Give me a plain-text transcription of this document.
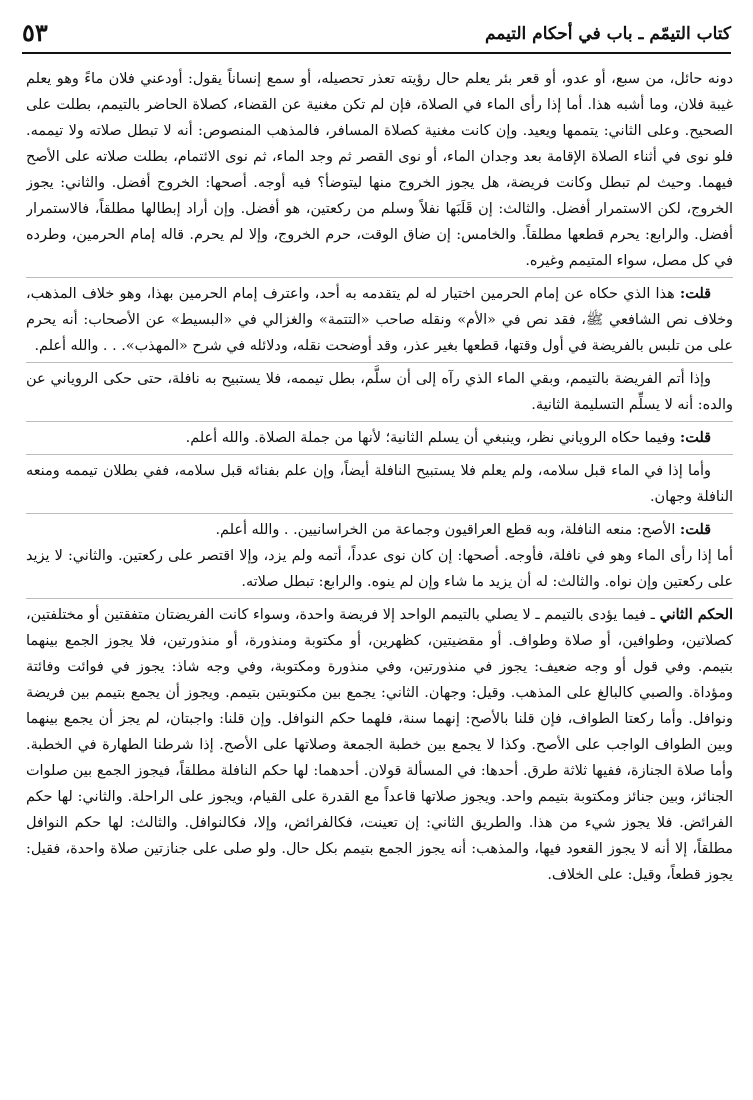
٥٣	كتاب التيمّم ـ باب في أحكام التيمم

دونه حائل، من سبع، أو عدو، أو قعر بئر يعلم حال رؤيته تعذر تحصيله، أو سمع إنساناً يقول: أودعني فلان ماءً وهو يعلم غيبة فلان، وما أشبه هذا. أما إذا رأى الماء في الصلاة، فإن لم تكن مغنية عن القضاء، كصلاة الحاضر بالتيمم، بطلت على الصحيح. وعلى الثاني: يتممها ويعيد. وإن كانت مغنية كصلاة المسافر، فالمذهب المنصوص: أنه لا تبطل صلاته ولا تيممه. فلو نوى في أثناء الصلاة الإقامة بعد وجدان الماء، أو نوى القصر ثم وجد الماء، ثم نوى الائتمام، بطلت صلاته على الأصح فيهما. وحيث لم تبطل وكانت فريضة، هل يجوز الخروج منها ليتوضأ؟ فيه أوجه. أصحها: الخروج أفضل. والثاني: يجوز الخروج، لكن الاستمرار أفضل. والثالث: إن قَلَبَها نفلاً وسلم من ركعتين، هو أفضل. وإن أراد إبطالها مطلقاً، فالاستمرار أفضل. والرابع: يحرم قطعها مطلقاً. والخامس: إن ضاق الوقت، حرم الخروج، وإلا لم يحرم. قاله إمام الحرمين، وطرده في كل مصل، سواء المتيمم وغيره.

قلت: هذا الذي حكاه عن إمام الحرمين اختيار له لم يتقدمه به أحد، واعترف إمام الحرمين بهذا، وهو خلاف المذهب، وخلاف نص الشافعي ﷺ، فقد نص في «الأم» ونقله صاحب «التتمة» والغزالي في «البسيط» عن الأصحاب: أنه يحرم على من تلبس بالفريضة في أول وقتها، قطعها بغير عذر، وقد أوضحت نقله، ودلائله في شرح «المهذب». . . والله أعلم.

وإذا أتم الفريضة بالتيمم، وبقي الماء الذي رآه إلى أن سلَّم، بطل تيممه، فلا يستبيح به نافلة، حتى حكى الروياني عن والده: أنه لا يسلِّم التسليمة الثانية.

قلت: وفيما حكاه الروياني نظر، وينبغي أن يسلم الثانية؛ لأنها من جملة الصلاة. والله أعلم.

وأما إذا في الماء قبل سلامه، ولم يعلم فلا يستبيح النافلة أيضاً، وإن علم بفنائه قبل سلامه، ففي بطلان تيممه ومنعه النافلة وجهان.

قلت: الأصح: منعه النافلة، وبه قطع العراقيون وجماعة من الخراسانيين. . والله أعلم.

أما إذا رأى الماء وهو في نافلة، فأوجه. أصحها: إن كان نوى عدداً، أتمه ولم يزد، وإلا اقتصر على ركعتين. والثاني: لا يزيد على ركعتين وإن نواه. والثالث: له أن يزيد ما شاء وإن لم ينوه. والرابع: تبطل صلاته.

الحكم الثاني ـ فيما يؤدى بالتيمم ـ لا يصلي بالتيمم الواحد إلا فريضة واحدة، وسواء كانت الفريضتان متفقتين أو مختلفتين، كصلاتين، وطوافين، أو صلاة وطواف. أو مقضيتين، كظهرين، أو مكتوبة ومنذورة، أو منذورتين، فلا يجوز الجمع بينهما بتيمم. وفي قول أو وجه ضعيف: يجوز في منذورتين، وفي منذورة ومكتوبة، وفي وجه شاذ: يجوز في فوائت وفائتة ومؤداة. والصبي كالبالغ على المذهب. وقيل: وجهان. الثاني: يجمع بين مكتوبتين بتيمم. ويجوز أن يجمع بتيمم بين فريضة ونوافل. وأما ركعتا الطواف، فإن قلنا بالأصح: إنهما سنة، فلهما حكم النوافل. وإن قلنا: واجبتان، لم يجز أن يجمع بينهما وبين الطواف الواجب على الأصح. وكذا لا يجمع بين خطبة الجمعة وصلاتها على الأصح. إذا شرطنا الطهارة في الخطبة. وأما صلاة الجنازة، ففيها ثلاثة طرق. أحدها: في المسألة قولان. أحدهما: لها حكم النافلة مطلقاً، فيجوز الجمع بين صلوات الجنائز، وبين جنائز ومكتوبة بتيمم واحد. ويجوز صلاتها قاعداً مع القدرة على القيام، ويجوز على الراحلة. والثاني: لها حكم الفرائض. فلا يجوز شيء من هذا. والطريق الثاني: إن تعينت، فكالفرائض، وإلا، فكالنوافل. والثالث: لها حكم النوافل مطلقاً، إلا أنه لا يجوز القعود فيها، والمذهب: أنه يجوز الجمع بتيمم بكل حال. ولو صلى على جنازتين صلاة واحدة، فقيل: يجوز قطعاً، وقيل: على الخلاف.
